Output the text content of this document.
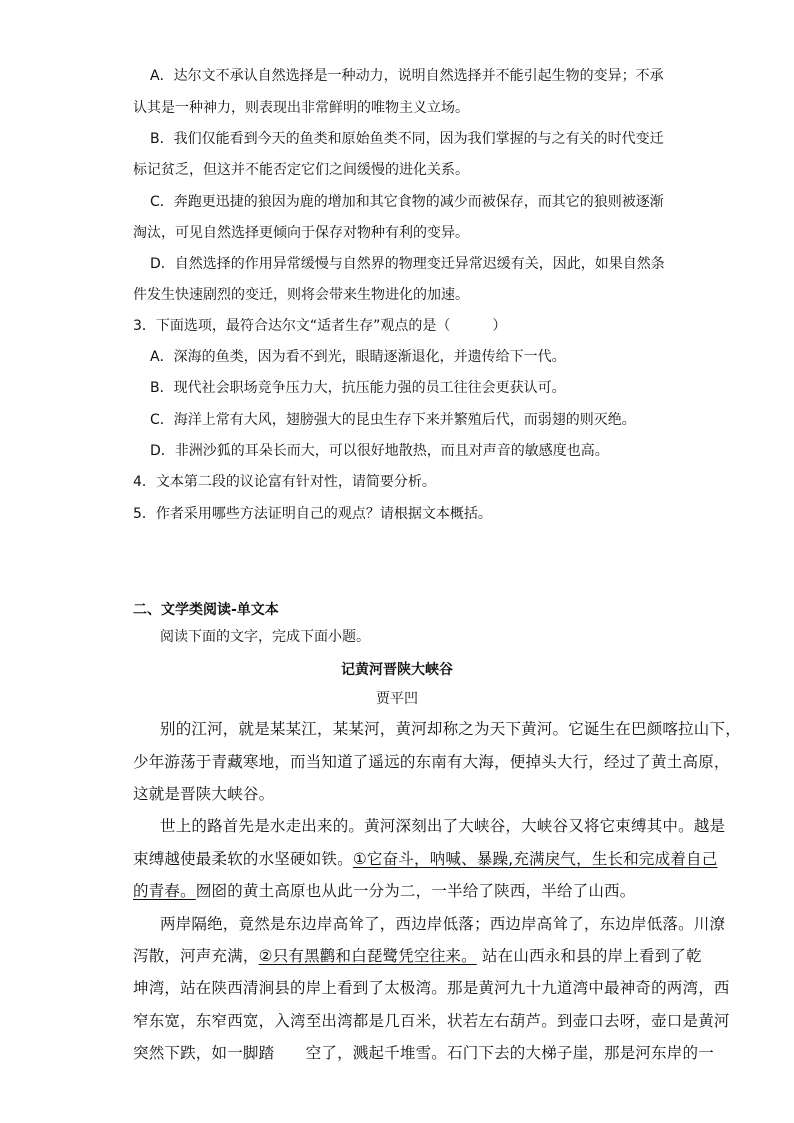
A．达尔文不承认自然选择是一种动力，说明自然选择并不能引起生物的变异；不承
认其是一种神力，则表现出非常鲜明的唯物主义立场。
B．我们仅能看到今天的鱼类和原始鱼类不同，因为我们掌握的与之有关的时代变迁
标记贫乏，但这并不能否定它们之间缓慢的进化关系。
C．奔跑更迅捷的狼因为鹿的增加和其它食物的减少而被保存，而其它的狼则被逐渐
淘汰，可见自然选择更倾向于保存对物种有利的变异。
D．自然选择的作用异常缓慢与自然界的物理变迁异常迟缓有关，因此，如果自然条
件发生快速剧烈的变迁，则将会带来生物进化的加速。
3．下面选项，最符合达尔文“适者生存”观点的是（　　　）
A．深海的鱼类，因为看不到光，眼睛逐渐退化，并遗传给下一代。
B．现代社会职场竞争压力大，抗压能力强的员工往往会更获认可。
C．海洋上常有大风，翅膀强大的昆虫生存下来并繁殖后代，而弱翅的则灭绝。
D．非洲沙狐的耳朵长而大，可以很好地散热，而且对声音的敏感度也高。
4．文本第二段的议论富有针对性，请简要分析。
5．作者采用哪些方法证明自己的观点？请根据文本概括。
二、文学类阅读-单文本
阅读下面的文字，完成下面小题。
记黄河晋陕大峡谷
贾平凹
别的江河，就是某某江，某某河，黄河却称之为天下黄河。它诞生在巴颜喀拉山下，
少年游荡于青藏寒地，而当知道了遥远的东南有大海，便掉头大行，经过了黄土高原，
这就是晋陕大峡谷。
世上的路首先是水走出来的。黄河深刻出了大峡谷，大峡谷又将它束缚其中。越是
束缚越使最柔软的水坚硬如铁。①它奋斗，呐喊、暴躁,充满戾气，生长和完成着自己
的青春。囫囵的黄土高原也从此一分为二，一半给了陕西，半给了山西。
两岸隔绝，竟然是东边岸高耸了，西边岸低落；西边岸高耸了，东边岸低落。川潦
泻散，河声充满，②只有黑鹳和白琵鹭凭空往来。 站在山西永和县的岸上看到了乾
坤湾，站在陕西清涧县的岸上看到了太极湾。那是黄河九十九道湾中最神奇的两湾，西
窄东宽，东窄西宽，入湾至出湾都是几百米，状若左右葫芦。到壶口去呀，壶口是黄河
突然下跌，如一脚踏　　空了，溅起千堆雪。石门下去的大梯子崖，那是河东岸的一
